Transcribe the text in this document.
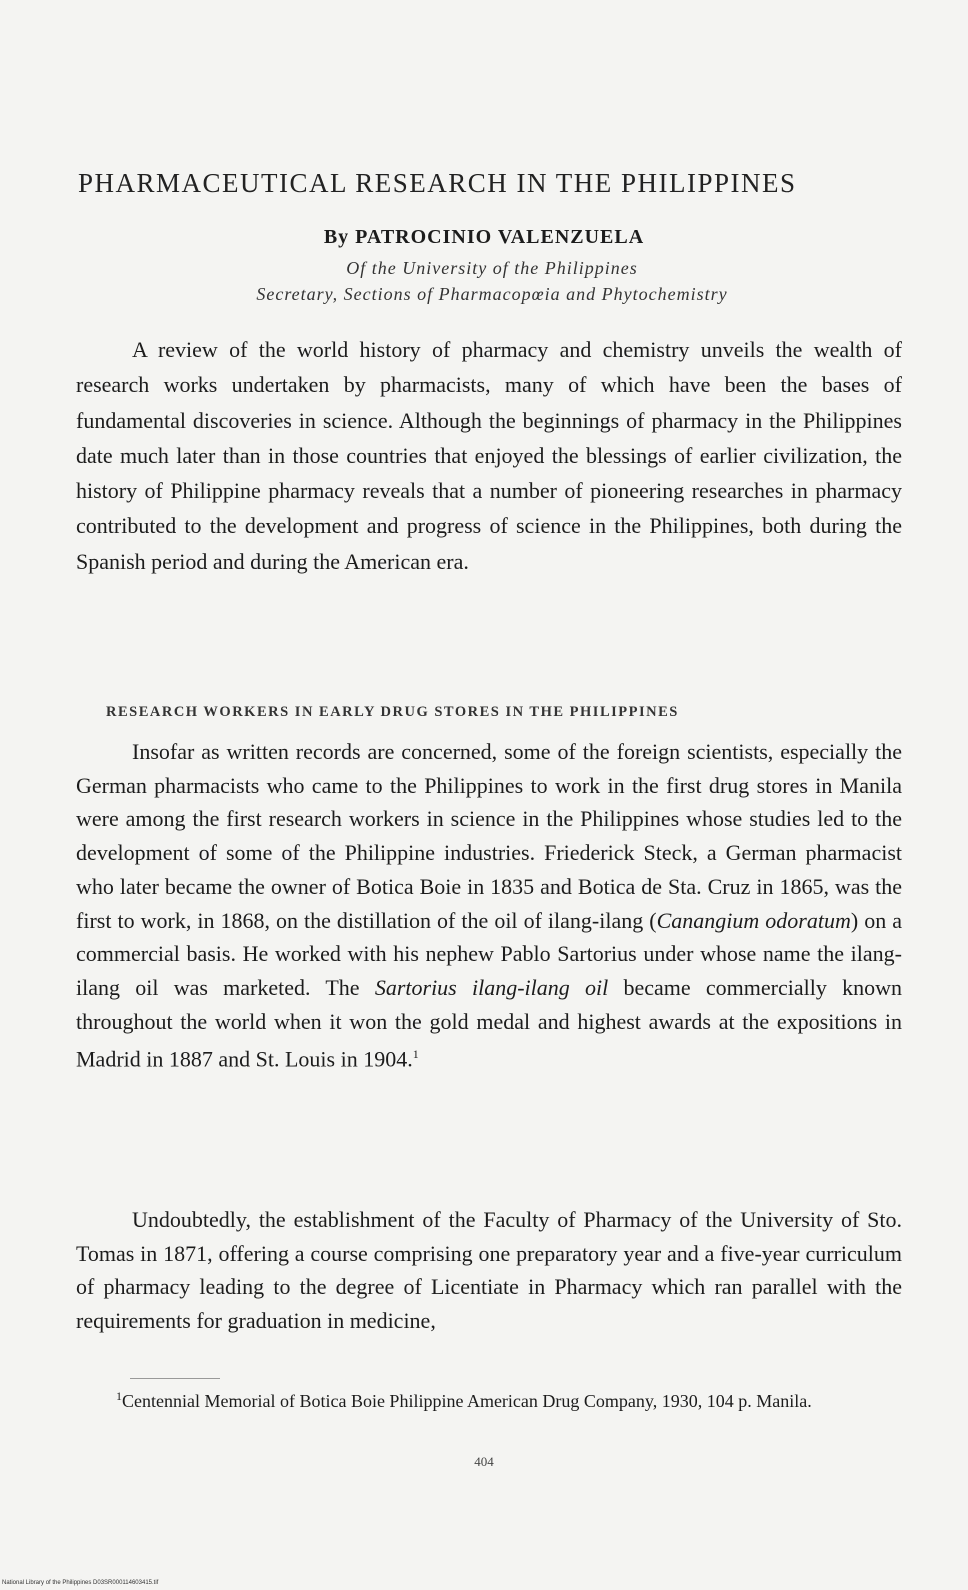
PHARMACEUTICAL RESEARCH IN THE PHILIPPINES
By PATROCINIO VALENZUELA
Of the University of the Philippines
Secretary, Sections of Pharmacopœia and Phytochemistry

A review of the world history of pharmacy and chemistry unveils the wealth of research works undertaken by pharmacists, many of which have been the bases of fundamental discoveries in science. Although the beginnings of pharmacy in the Philippines date much later than in those countries that enjoyed the blessings of earlier civilization, the history of Philippine pharmacy reveals that a number of pioneering researches in pharmacy contributed to the development and progress of science in the Philippines, both during the Spanish period and during the American era.

RESEARCH WORKERS IN EARLY DRUG STORES IN THE PHILIPPINES

Insofar as written records are concerned, some of the foreign scientists, especially the German pharmacists who came to the Philippines to work in the first drug stores in Manila were among the first research workers in science in the Philippines whose studies led to the development of some of the Philippine industries. Friederick Steck, a German pharmacist who later became the owner of Botica Boie in 1835 and Botica de Sta. Cruz in 1865, was the first to work, in 1868, on the distillation of the oil of ilang-ilang (Canangium odoratum) on a commercial basis. He worked with his nephew Pablo Sartorius under whose name the ilang-ilang oil was marketed. The Sartorius ilang-ilang oil became commercially known throughout the world when it won the gold medal and highest awards at the expositions in Madrid in 1887 and St. Louis in 1904.$^1$

Undoubtedly, the establishment of the Faculty of Pharmacy of the University of Sto. Tomas in 1871, offering a course comprising one preparatory year and a five-year curriculum of pharmacy leading to the degree of Licentiate in Pharmacy which ran parallel with the requirements for graduation in medicine,

$^1$Centennial Memorial of Botica Boie Philippine American Drug Company, 1930, 104 p. Manila.

404
National Library of the Philippines D03SR000114603415.tif
